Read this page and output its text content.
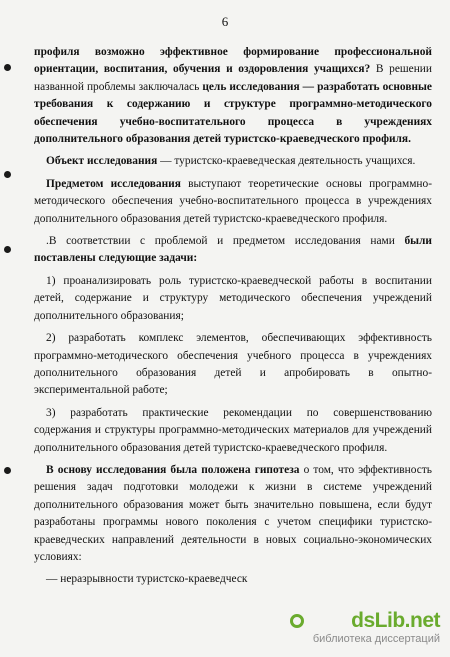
6

профиля возможно эффективное формирование профессиональной ориентации, воспитания, обучения и оздоровления учащихся? В решении названной проблемы заключалась цель исследования — разработать основные требования к содержанию и структуре программно-методического обеспечения учебно-воспитательного процесса в учреждениях дополнительного образования детей туристско-краеведческого профиля.

Объект исследования — туристско-краеведческая деятельность учащихся.

Предметом исследования выступают теоретические основы программно-методического обеспечения учебно-воспитательного процесса в учреждениях дополнительного образования детей туристско-краеведческого профиля.

.В соответствии с проблемой и предметом исследования нами были поставлены следующие задачи:

1) проанализировать роль туристско-краеведческой работы в воспитании детей, содержание и структуру методического обеспечения учреждений дополнительного образования;

2) разработать комплекс элементов, обеспечивающих эффективность программно-методического обеспечения учебного процесса в учреждениях дополнительного образования детей и апробировать в опытно-экспериментальной работе;

3) разработать практические рекомендации по совершенствованию содержания и структуры программно-методических материалов для учреждений дополнительного образования детей туристско-краеведческого профиля.

В основу исследования была положена гипотеза о том, что эффективность решения задач подготовки молодежи к жизни в системе учреждений дополнительного образования может быть значительно повышена, если будут разработаны программы нового поколения с учетом специфики туристско-краеведческих направлений деятельности в новых социально-экономических условиях:

— неразрывности туристско-краеведческ

dsLib.net
библиотека диссертаций
